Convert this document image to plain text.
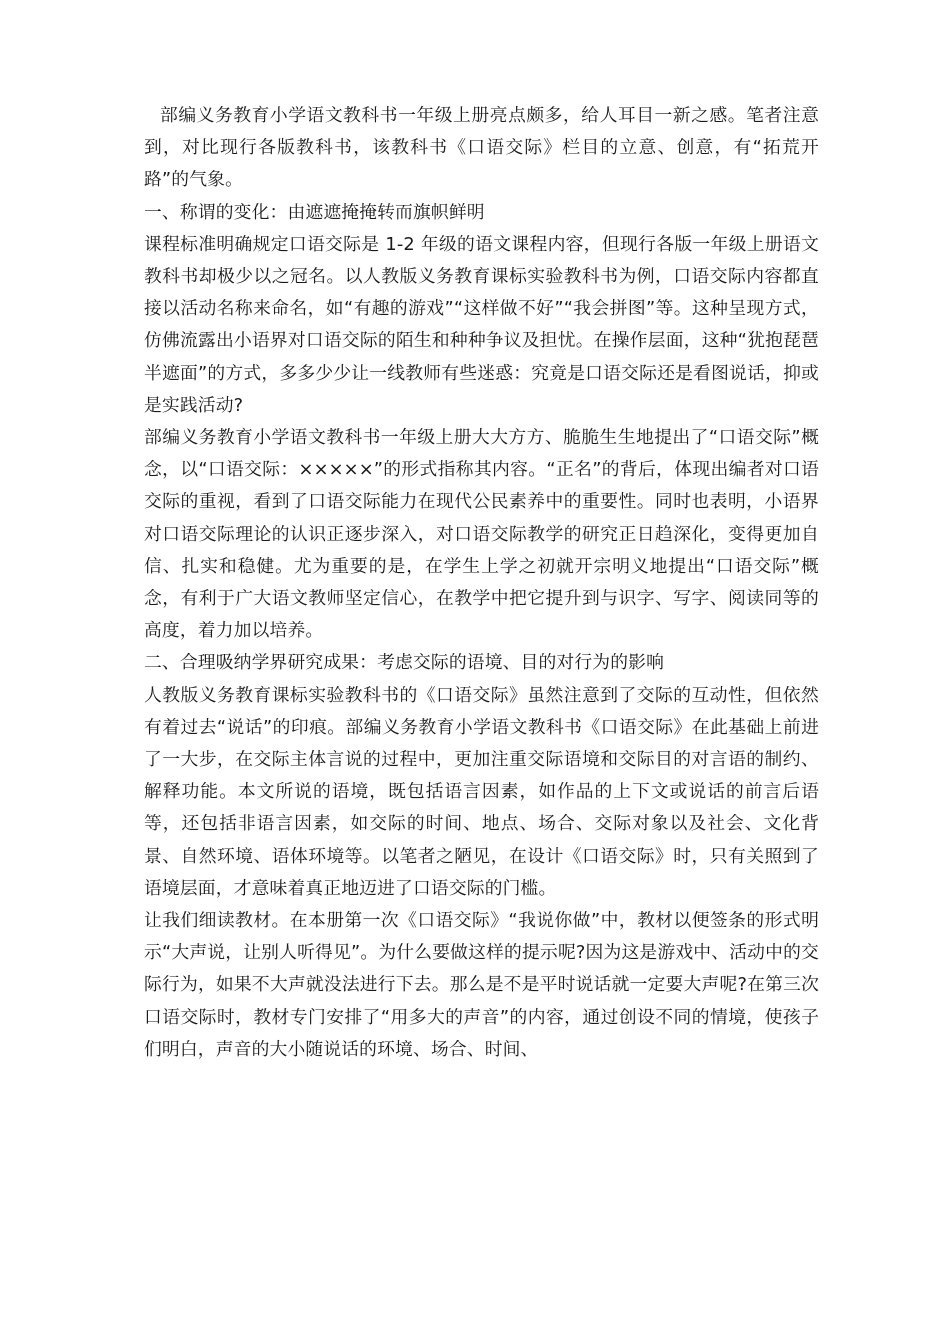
部编义务教育小学语文教科书一年级上册亮点颇多，给人耳目一新之感。笔者注意到，对比现行各版教科书，该教科书《口语交际》栏目的立意、创意，有“拓荒开路”的气象。

一、称谓的变化：由遮遮掩掩转而旗帜鲜明

课程标准明确规定口语交际是 1-2 年级的语文课程内容，但现行各版一年级上册语文教科书却极少以之冠名。以人教版义务教育课标实验教科书为例，口语交际内容都直接以活动名称来命名，如“有趣的游戏”“这样做不好”“我会拼图”等。这种呈现方式，仿佛流露出小语界对口语交际的陌生和种种争议及担忧。在操作层面，这种“犹抱琵琶半遮面”的方式，多多少少让一线教师有些迷惑：究竟是口语交际还是看图说话，抑或是实践活动?

部编义务教育小学语文教科书一年级上册大大方方、脆脆生生地提出了“口语交际”概念，以“口语交际：×××××”的形式指称其内容。“正名”的背后，体现出编者对口语交际的重视，看到了口语交际能力在现代公民素养中的重要性。同时也表明，小语界对口语交际理论的认识正逐步深入，对口语交际教学的研究正日趋深化，变得更加自信、扎实和稳健。尤为重要的是，在学生上学之初就开宗明义地提出“口语交际”概念，有利于广大语文教师坚定信心，在教学中把它提升到与识字、写字、阅读同等的高度，着力加以培养。

二、合理吸纳学界研究成果：考虑交际的语境、目的对行为的影响

人教版义务教育课标实验教科书的《口语交际》虽然注意到了交际的互动性，但依然有着过去“说话”的印痕。部编义务教育小学语文教科书《口语交际》在此基础上前进了一大步，在交际主体言说的过程中，更加注重交际语境和交际目的对言语的制约、解释功能。本文所说的语境，既包括语言因素，如作品的上下文或说话的前言后语等，还包括非语言因素，如交际的时间、地点、场合、交际对象以及社会、文化背景、自然环境、语体环境等。以笔者之陋见，在设计《口语交际》时，只有关照到了语境层面，才意味着真正地迈进了口语交际的门槛。

让我们细读教材。在本册第一次《口语交际》“我说你做”中，教材以便签条的形式明示“大声说，让别人听得见”。为什么要做这样的提示呢?因为这是游戏中、活动中的交际行为，如果不大声就没法进行下去。那么是不是平时说话就一定要大声呢?在第三次口语交际时，教材专门安排了“用多大的声音”的内容，通过创设不同的情境，使孩子们明白，声音的大小随说话的环境、场合、时间、
